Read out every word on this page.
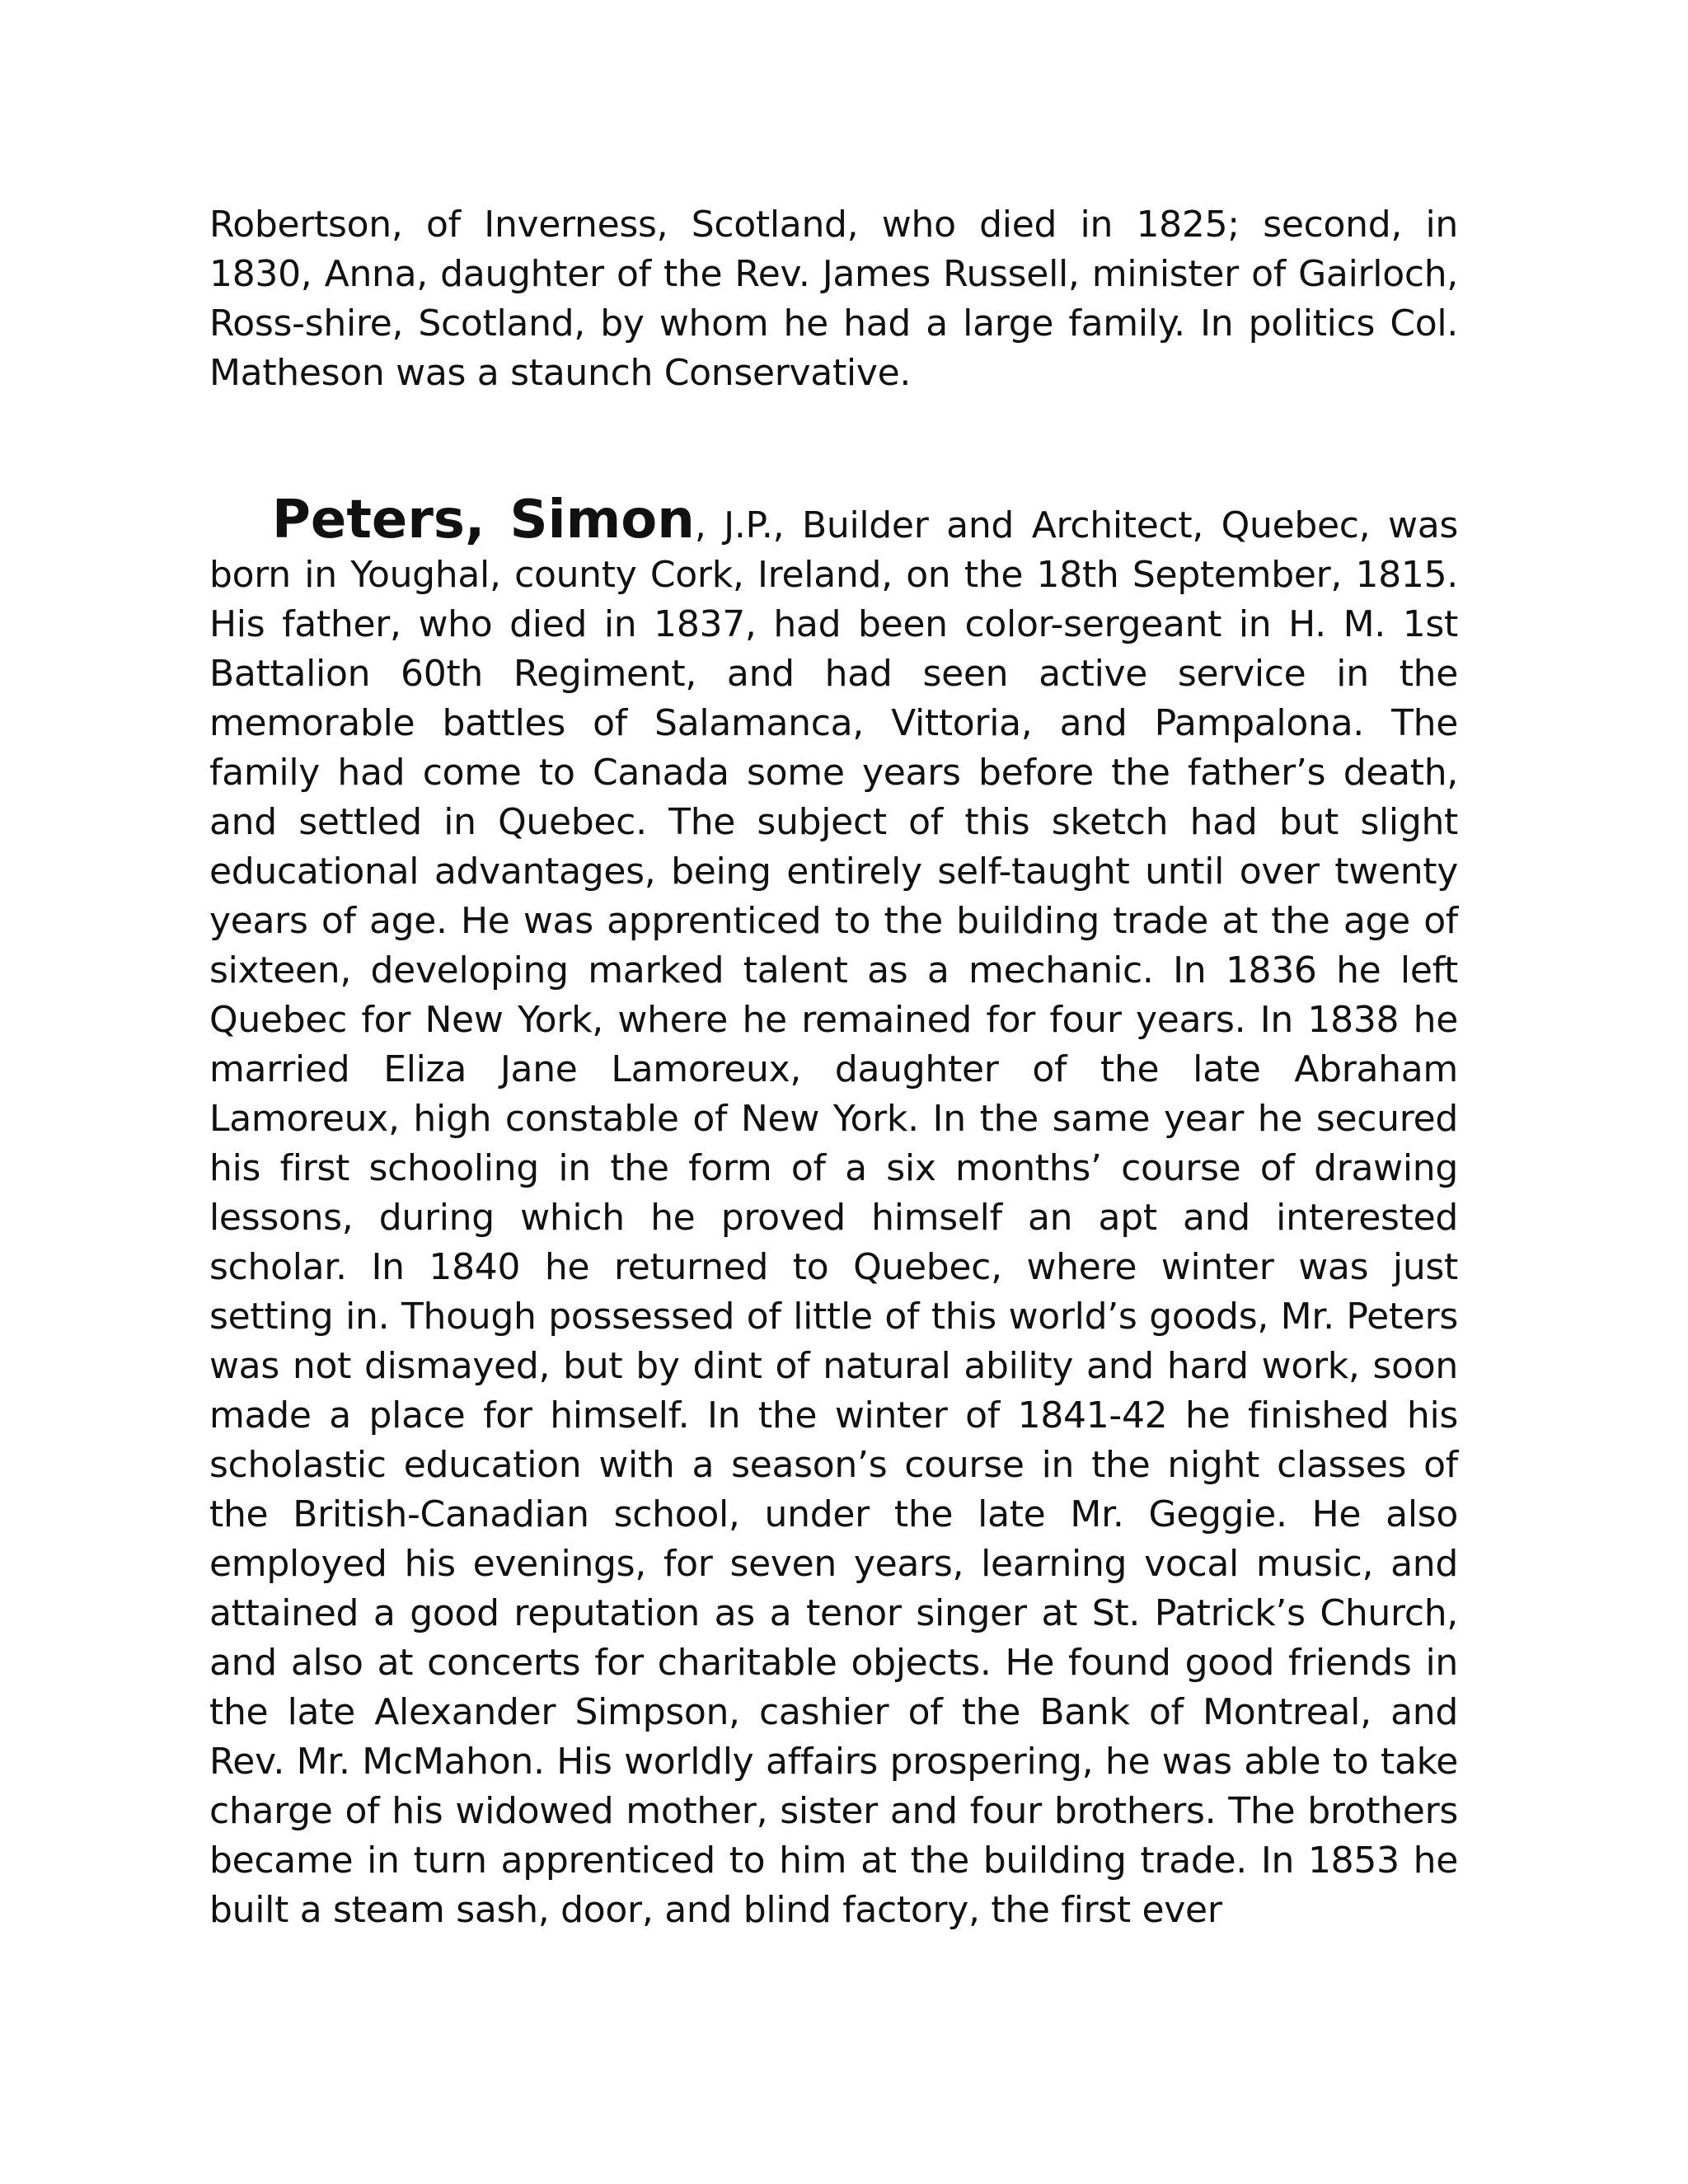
Robertson, of Inverness, Scotland, who died in 1825; second, in 1830, Anna, daughter of the Rev. James Russell, minister of Gairloch, Ross-shire, Scotland, by whom he had a large family. In politics Col. Matheson was a staunch Conservative.

Peters, Simon, J.P., Builder and Architect, Quebec, was born in Youghal, county Cork, Ireland, on the 18th September, 1815. His father, who died in 1837, had been color-sergeant in H. M. 1st Battalion 60th Regiment, and had seen active service in the memorable battles of Salamanca, Vittoria, and Pampalona. The family had come to Canada some years before the father’s death, and settled in Quebec. The subject of this sketch had but slight educational advantages, being entirely self-taught until over twenty years of age. He was apprenticed to the building trade at the age of sixteen, developing marked talent as a mechanic. In 1836 he left Quebec for New York, where he remained for four years. In 1838 he married Eliza Jane Lamoreux, daughter of the late Abraham Lamoreux, high constable of New York. In the same year he secured his first schooling in the form of a six months’ course of drawing lessons, during which he proved himself an apt and interested scholar. In 1840 he returned to Quebec, where winter was just setting in. Though possessed of little of this world’s goods, Mr. Peters was not dismayed, but by dint of natural ability and hard work, soon made a place for himself. In the winter of 1841-42 he finished his scholastic education with a season’s course in the night classes of the British-Canadian school, under the late Mr. Geggie. He also employed his evenings, for seven years, learning vocal music, and attained a good reputation as a tenor singer at St. Patrick’s Church, and also at concerts for charitable objects. He found good friends in the late Alexander Simpson, cashier of the Bank of Montreal, and Rev. Mr. McMahon. His worldly affairs prospering, he was able to take charge of his widowed mother, sister and four brothers. The brothers became in turn apprenticed to him at the building trade. In 1853 he built a steam sash, door, and blind factory, the first ever
